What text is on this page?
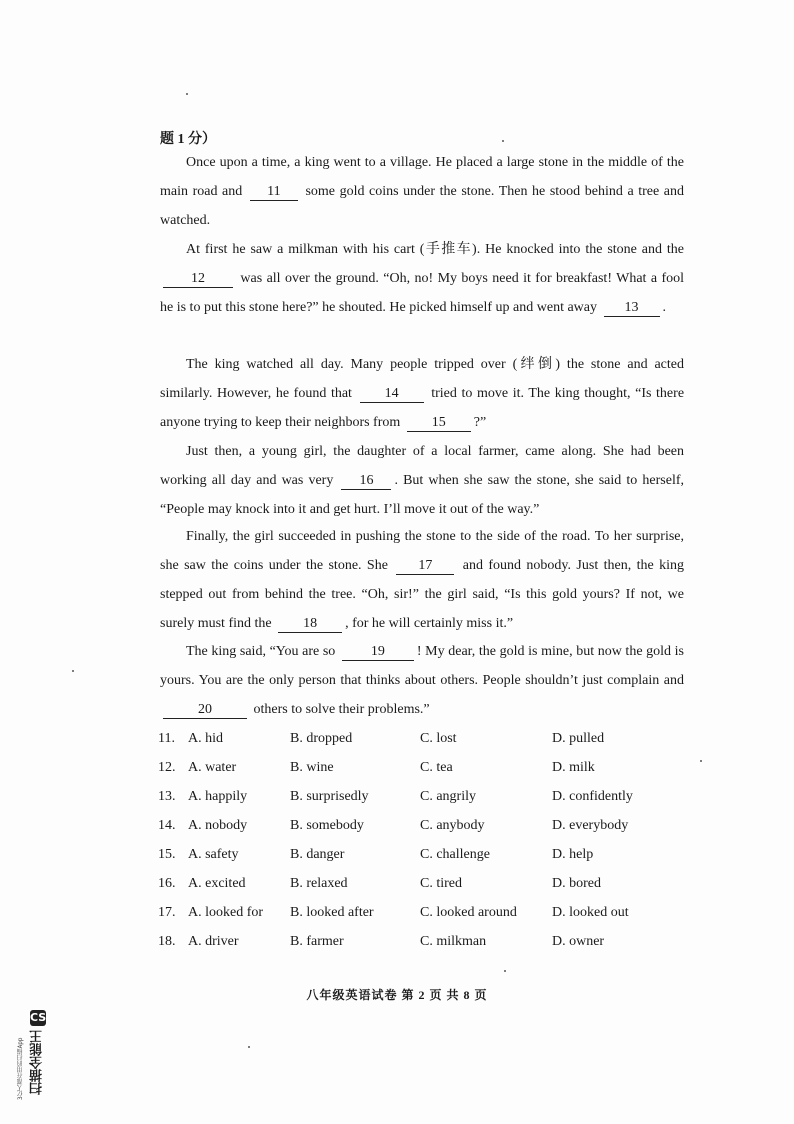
题 1 分）
Once upon a time, a king went to a village. He placed a large stone in the middle of the main road and 11 some gold coins under the stone. Then he stood behind a tree and watched.
At first he saw a milkman with his cart (手推车). He knocked into the stone and the 12	was all over the ground. “Oh, no! My boys need it for breakfast! What a fool he is to put this stone here?” he shouted. He picked himself up and went away 13 .
The king watched all day. Many people tripped over (绊倒) the stone and acted similarly. However, he found that 14 tried to move it. The king thought, “Is there anyone trying to keep their neighbors from 15 ?”
Just then, a young girl, the daughter of a local farmer, came along. She had been working all day and was very 16 . But when she saw the stone, she said to herself, “People may knock into it and get hurt. I’ll move it out of the way.”
Finally, the girl succeeded in pushing the stone to the side of the road. To her surprise, she saw the coins under the stone. She 17 and found nobody. Just then, the king stepped out from behind the tree. “Oh, sir!” the girl said, “Is this gold yours? If not, we surely must find the 18 , for he will certainly miss it.”
The king said, “You are so	19 ! My dear, the gold is mine, but now the gold is yours. You are the only person that thinks about others. People shouldn’t just complain and 20	others to solve their problems.”
11. A. hid	B. dropped	C. lost	D. pulled
12. A. water	B. wine	C. tea	D. milk
13. A. happily	B. surprisedly	C. angrily	D. confidently
14. A. nobody	B. somebody	C. anybody	D. everybody
15. A. safety	B. danger	C. challenge	D. help
16. A. excited	B. relaxed	C. tired	D. bored
17. A. looked for B. looked after	C. looked around	D. looked out
18. A. driver	B. farmer	C. milkman	D. owner
八年级英语试卷 第 2 页 共 8 页
3亿人都在用的扫描App
CS
扫描全能王
